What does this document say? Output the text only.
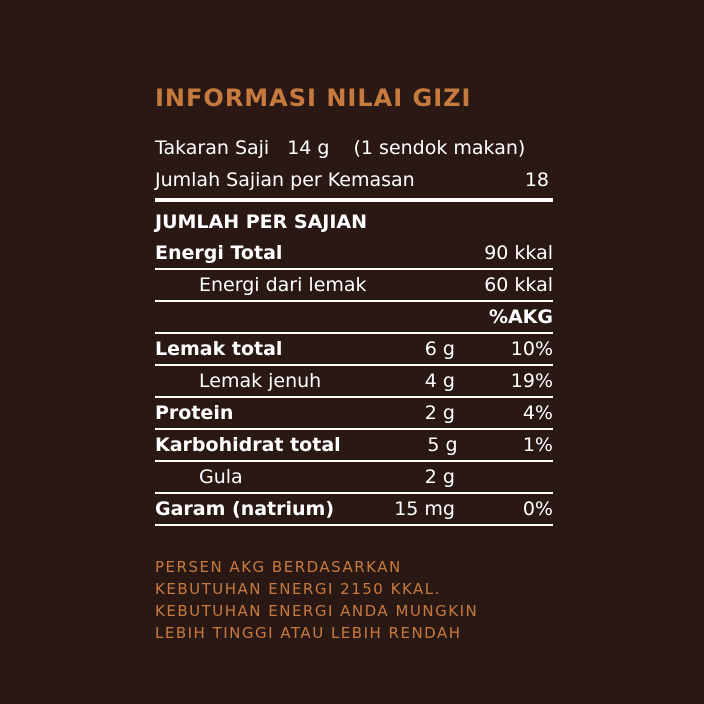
INFORMASI NILAI GIZI
Takaran Saji 14 g (1 sendok makan)
Jumlah Sajian per Kemasan	18
JUMLAH PER SAJIAN
Energi Total	90 kkal
Energi dari lemak	60 kkal
%AKG
Lemak total	6 g	10%
Lemak jenuh	4 g	19%
Protein	2 g	4%
Karbohidrat total	5 g	1%
Gula	2 g
Garam (natrium)	15 mg	0%
PERSEN AKG BERDASARKAN
KEBUTUHAN ENERGI 2150 KKAL.
KEBUTUHAN ENERGI ANDA MUNGKIN
LEBIH TINGGI ATAU LEBIH RENDAH
